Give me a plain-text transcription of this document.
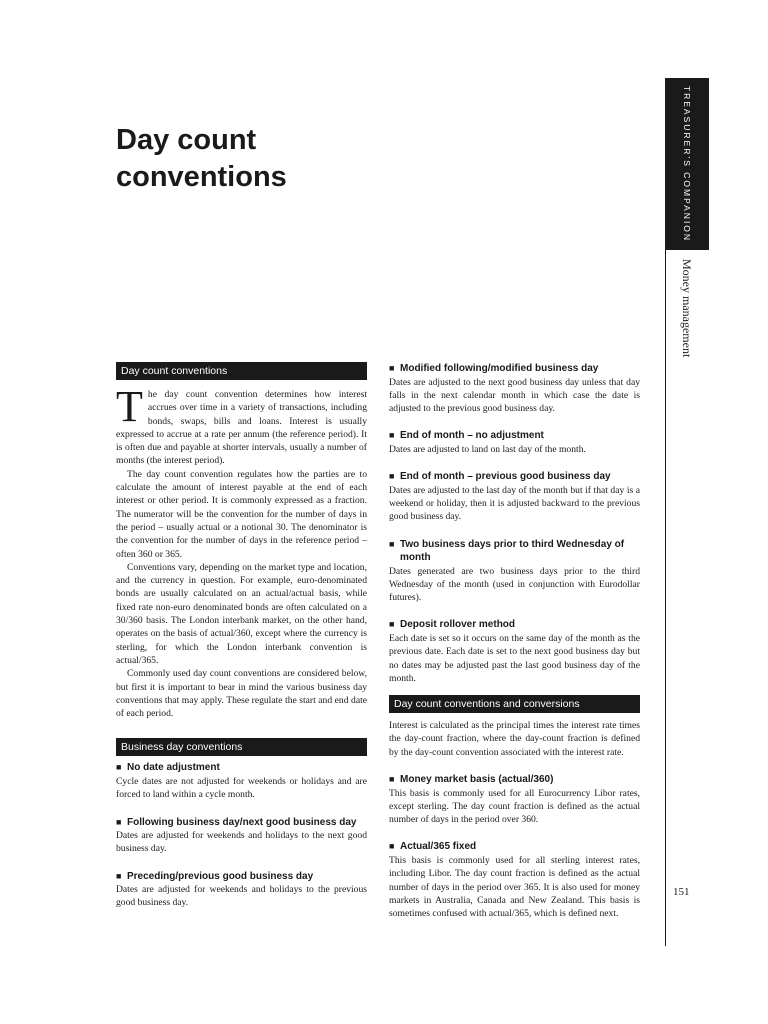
Day count
conventions	TREASURER’S COMPANION
Money management
151
Day count conventions

The day count convention determines how interest accrues over time in a variety of transactions, including bonds, swaps, bills and loans. Interest is usually expressed to accrue at a rate per annum (the reference period). It is often due and payable at shorter intervals, usually a number of months (the interest period).

The day count convention regulates how the parties are to calculate the amount of interest payable at the end of each interest or other period. It is commonly expressed as a fraction. The numerator will be the convention for the number of days in the period – usually actual or a notional 30. The denominator is the convention for the number of days in the reference period – often 360 or 365.

Conventions vary, depending on the market type and location, and the currency in question. For example, euro-denominated bonds are usually calculated on an actual/actual basis, while fixed rate non-euro denominated bonds are often calculated on a 30/360 basis. The London interbank market, on the other hand, operates on the basis of actual/360, except where the currency is sterling, for which the London interbank convention is actual/365.

Commonly used day count conventions are considered below, but first it is important to bear in mind the various business day conventions that may apply. These regulate the start and end date of each period.

Business day conventions

■ No date adjustment

Cycle dates are not adjusted for weekends or holidays and are forced to land within a cycle month.

■ Following business day/next good business day

Dates are adjusted for weekends and holidays to the next good business day.

■ Preceding/previous good business day

Dates are adjusted for weekends and holidays to the previous good business day.

■ Modified following/modified business day

Dates are adjusted to the next good business day unless that day falls in the next calendar month in which case the date is adjusted to the previous good business day.

■ End of month – no adjustment

Dates are adjusted to land on last day of the month.

■ End of month – previous good business day

Dates are adjusted to the last day of the month but if that day is a weekend or holiday, then it is adjusted backward to the previous good business day.

■ Two business days prior to third Wednesday of month

Dates generated are two business days prior to the third Wednesday of the month (used in conjunction with Eurodollar futures).

■ Deposit rollover method

Each date is set so it occurs on the same day of the month as the previous date. Each date is set to the next good business day but no dates may be adjusted past the last good business day of the month.

Day count conventions and conversions

Interest is calculated as the principal times the interest rate times the day-count fraction, where the day-count fraction is defined by the day-count convention associated with the interest rate.

■ Money market basis (actual/360)

This basis is commonly used for all Eurocurrency Libor rates, except sterling. The day count fraction is defined as the actual number of days in the period over 360.

■ Actual/365 fixed

This basis is commonly used for all sterling interest rates, including Libor. The day count fraction is defined as the actual number of days in the period over 365. It is also used for money markets in Australia, Canada and New Zealand. This basis is sometimes confused with actual/365, which is defined next.
